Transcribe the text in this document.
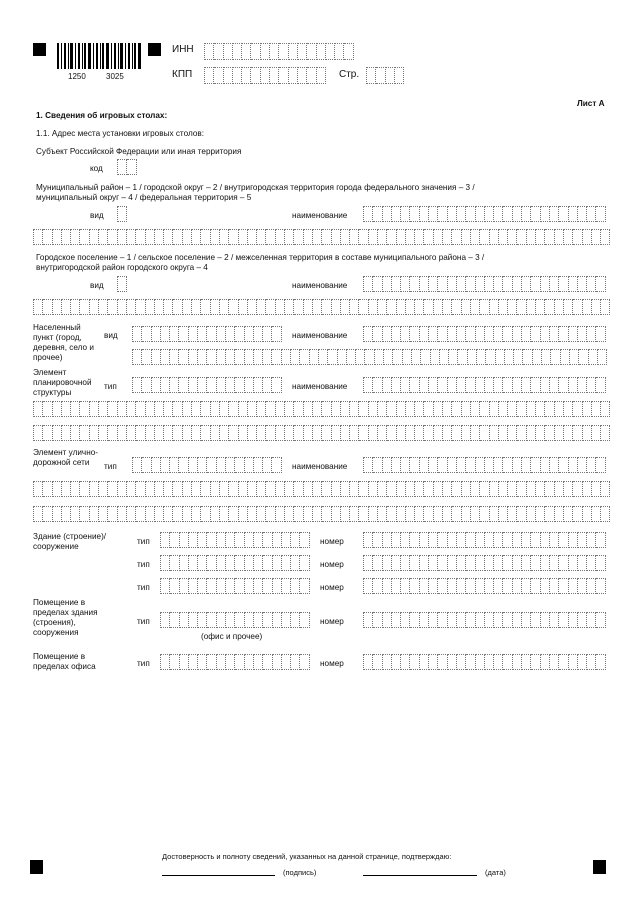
1250	3025
ИНН
КПП	Стр.
Лист А
1. Сведения об игровых столах:
1.1. Адрес места установки игровых столов:
Субъект Российской Федерации или иная территория
код
Муниципальный район – 1 / городской округ – 2 / внутригородская территория города федерального значения – 3 / муниципальный округ – 4 / федеральная территория – 5
вид	наименование
Городское поселение – 1 / сельское поселение – 2 / межселенная территория в составе муниципального района – 3 / внутригородской район городского округа – 4
вид	наименование
Населенный пункт (город, деревня, село и прочее)
вид	наименование
Элемент планировочной структуры
тип	наименование
Элемент улично-дорожной сети	тип	наименование
Здание (строение)/ сооружение
тип	номер
тип	номер
тип	номер
Помещение в пределах здания (строения), сооружения
тип	номер
(офис и прочее)
Помещение в пределах офиса	тип	номер
Достоверность и полноту сведений, указанных на данной странице, подтверждаю:
(подпись)	(дата)
